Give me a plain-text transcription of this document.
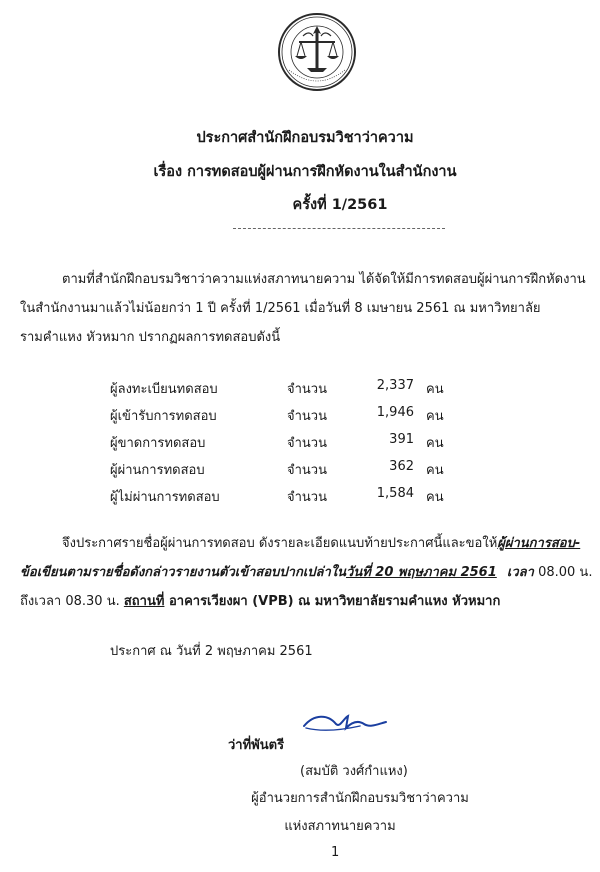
ประกาศสำนักฝึกอบรมวิชาว่าความ
เรื่อง การทดสอบผู้ผ่านการฝึกหัดงานในสำนักงาน
ครั้งที่ 1/2561
ตามที่สำนักฝึกอบรมวิชาว่าความแห่งสภาทนายความ ได้จัดให้มีการทดสอบผู้ผ่านการฝึกหัดงาน
ในสำนักงานมาแล้วไม่น้อยกว่า 1 ปี ครั้งที่ 1/2561 เมื่อวันที่ 8 เมษายน 2561 ณ มหาวิทยาลัย
รามคำแหง หัวหมาก ปรากฏผลการทดสอบดังนี้
ผู้ลงทะเบียนทดสอบ	จำนวน	2,337 คน
ผู้เข้ารับการทดสอบ	จำนวน	1,946 คน
ผู้ขาดการทดสอบ	จำนวน	391 คน
ผู้ผ่านการทดสอบ	จำนวน	362 คน
ผู้ไม่ผ่านการทดสอบ	จำนวน	1,584 คน
จึงประกาศรายชื่อผู้ผ่านการทดสอบ ดังรายละเอียดแนบท้ายประกาศนี้และขอให้ผู้ผ่านการสอบ-
ข้อเขียนตามรายชื่อดังกล่าวรายงานตัวเข้าสอบปากเปล่าในวันที่ 20 พฤษภาคม 2561 เวลา 08.00 น.
ถึงเวลา 08.30 น. สถานที่ อาคารเวียงผา (VPB) ณ มหาวิทยาลัยรามคำแหง หัวหมาก
ประกาศ ณ วันที่ 2 พฤษภาคม 2561
ว่าที่พันตรี
(สมบัติ วงศ์กำแหง)
ผู้อำนวยการสำนักฝึกอบรมวิชาว่าความ
แห่งสภาทนายความ
1
